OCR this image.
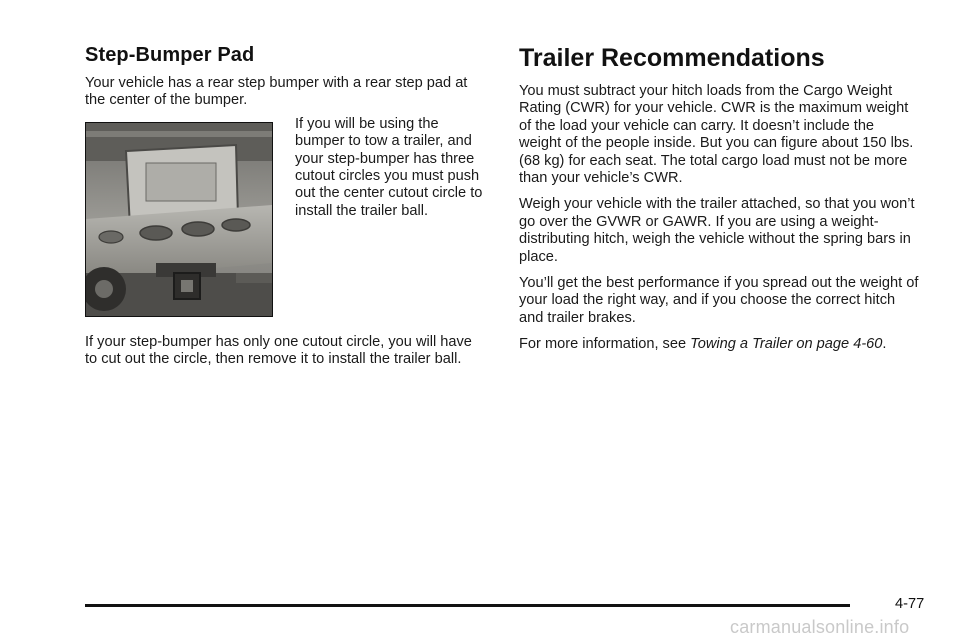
Step-Bumper Pad

Your vehicle has a rear step bumper with a rear step pad at the center of the bumper.

If you will be using the bumper to tow a trailer, and your step-bumper has three cutout circles you must push out the center cutout circle to install the trailer ball.

If your step-bumper has only one cutout circle, you will have to cut out the circle, then remove it to install the trailer ball.

Trailer Recommendations

You must subtract your hitch loads from the Cargo Weight Rating (CWR) for your vehicle. CWR is the maximum weight of the load your vehicle can carry. It doesn’t include the weight of the people inside. But you can figure about 150 lbs. (68 kg) for each seat. The total cargo load must not be more than your vehicle’s CWR.

Weigh your vehicle with the trailer attached, so that you won’t go over the GVWR or GAWR. If you are using a weight-distributing hitch, weigh the vehicle without the spring bars in place.

You’ll get the best performance if you spread out the weight of your load the right way, and if you choose the correct hitch and trailer brakes.

For more information, see Towing a Trailer on page 4-60.

4-77
carmanualsonline.info
